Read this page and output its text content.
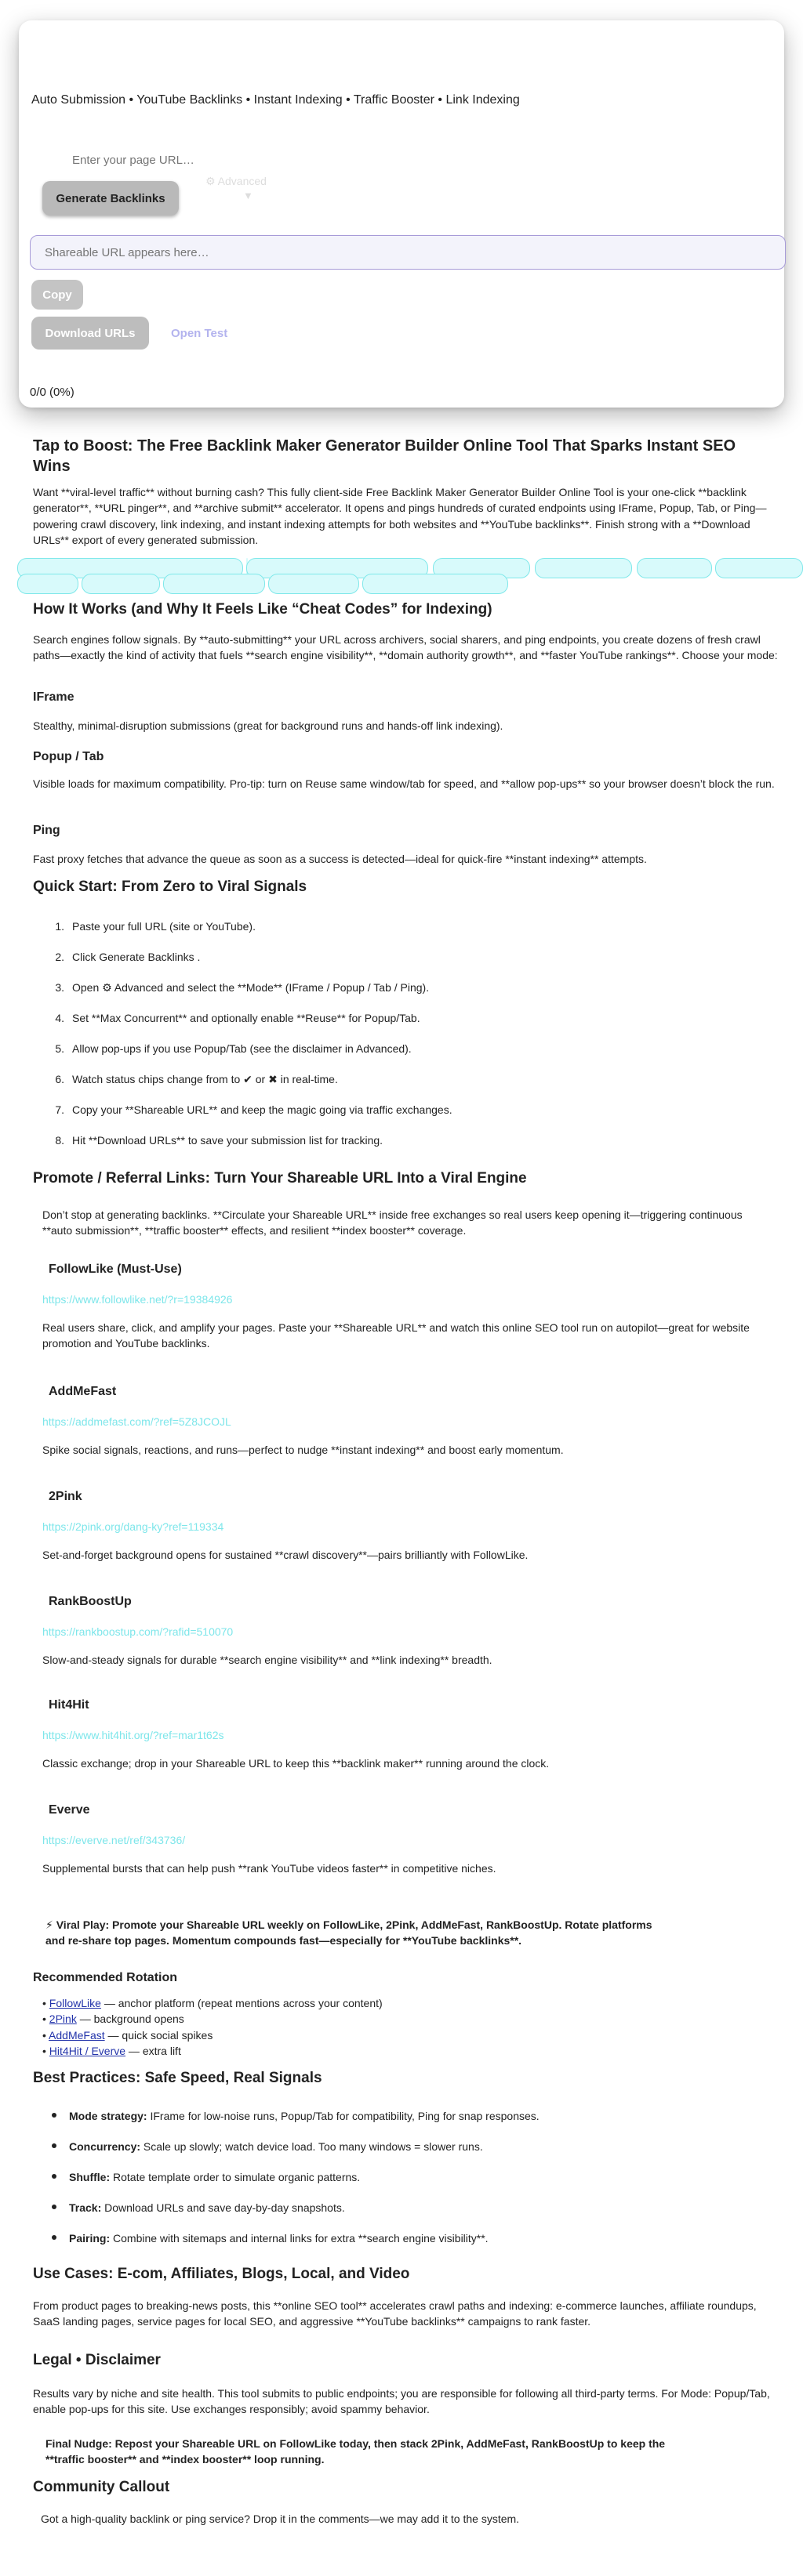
Auto Submission • YouTube Backlinks • Instant Indexing • Traffic Booster • Link Indexing
Enter your page URL…
Generate Backlinks
⚙ Advanced
▼
Shareable URL appears here…
Copy
Download URLs	Open Test
0/0 (0%)
Tap to Boost: The Free Backlink Maker Generator Builder Online Tool That Sparks Instant SEO Wins

Want **viral-level traffic** without burning cash? This fully client-side Free Backlink Maker Generator Builder Online Tool is your one-click **backlink generator**, **URL pinger**, and **archive submit** accelerator. It opens and pings hundreds of curated endpoints using IFrame, Popup, Tab, or Ping—powering crawl discovery, link indexing, and instant indexing attempts for both websites and **YouTube backlinks**. Finish strong with a **Download URLs** export of every generated submission.

How It Works (and Why It Feels Like “Cheat Codes” for Indexing)

Search engines follow signals. By **auto-submitting** your URL across archivers, social sharers, and ping endpoints, you create dozens of fresh crawl paths—exactly the kind of activity that fuels **search engine visibility**, **domain authority growth**, and **faster YouTube rankings**. Choose your mode:

IFrame

Stealthy, minimal-disruption submissions (great for background runs and hands-off link indexing).

Popup / Tab

Visible loads for maximum compatibility. Pro-tip: turn on Reuse same window/tab for speed, and **allow pop-ups** so your browser doesn’t block the run.

Ping

Fast proxy fetches that advance the queue as soon as a success is detected—ideal for quick-fire **instant indexing** attempts.

Quick Start: From Zero to Viral Signals
1. Paste your full URL (site or YouTube).
2. Click Generate Backlinks .
3. Open ⚙ Advanced and select the **Mode** (IFrame / Popup / Tab / Ping).
4. Set **Max Concurrent** and optionally enable **Reuse** for Popup/Tab.
5. Allow pop-ups if you use Popup/Tab (see the disclaimer in Advanced).
6. Watch status chips change from to ✔ or ✖ in real-time.
7. Copy your **Shareable URL** and keep the magic going via traffic exchanges.
8. Hit **Download URLs** to save your submission list for tracking.
Promote / Referral Links: Turn Your Shareable URL Into a Viral Engine

Don’t stop at generating backlinks. **Circulate your Shareable URL** inside free exchanges so real users keep opening it—triggering continuous **auto submission**, **traffic booster** effects, and resilient **index booster** coverage.

FollowLike (Must-Use)
https://www.followlike.net/?r=19384926

Real users share, click, and amplify your pages. Paste your **Shareable URL** and watch this online SEO tool run on autopilot—great for website promotion and YouTube backlinks.

AddMeFast
https://addmefast.com/?ref=5Z8JCOJL

Spike social signals, reactions, and runs—perfect to nudge **instant indexing** and boost early momentum.

2Pink
https://2pink.org/dang-ky?ref=119334

Set-and-forget background opens for sustained **crawl discovery**—pairs brilliantly with FollowLike.

RankBoostUp
https://rankboostup.com/?rafid=510070

Slow-and-steady signals for durable **search engine visibility** and **link indexing** breadth.

Hit4Hit
https://www.hit4hit.org/?ref=mar1t62s

Classic exchange; drop in your Shareable URL to keep this **backlink maker** running around the clock.

Everve
https://everve.net/ref/343736/

Supplemental bursts that can help push **rank YouTube videos faster** in competitive niches.

⚡ Viral Play: Promote your Shareable URL weekly on FollowLike, 2Pink, AddMeFast, RankBoostUp. Rotate platforms
and re-share top pages. Momentum compounds fast—especially for **YouTube backlinks**.

Recommended Rotation
• FollowLike — anchor platform (repeat mentions across your content)
• 2Pink — background opens
• AddMeFast — quick social spikes
• Hit4Hit / Everve — extra lift
Best Practices: Safe Speed, Real Signals
Mode strategy: IFrame for low-noise runs, Popup/Tab for compatibility, Ping for snap responses.
Concurrency: Scale up slowly; watch device load. Too many windows = slower runs.
Shuffle: Rotate template order to simulate organic patterns.
Track: Download URLs and save day-by-day snapshots.
Pairing: Combine with sitemaps and internal links for extra **search engine visibility**.
Use Cases: E-com, Affiliates, Blogs, Local, and Video

From product pages to breaking-news posts, this **online SEO tool** accelerates crawl paths and indexing: e-commerce launches, affiliate roundups, SaaS landing pages, service pages for local SEO, and aggressive **YouTube backlinks** campaigns to rank faster.

Legal • Disclaimer

Results vary by niche and site health. This tool submits to public endpoints; you are responsible for following all third-party terms. For Mode: Popup/Tab, enable pop-ups for this site. Use exchanges responsibly; avoid spammy behavior.

Final Nudge: Repost your Shareable URL on FollowLike today, then stack 2Pink, AddMeFast, RankBoostUp to keep the
**traffic booster** and **index booster** loop running.

Community Callout

Got a high-quality backlink or ping service? Drop it in the comments—we may add it to the system.
